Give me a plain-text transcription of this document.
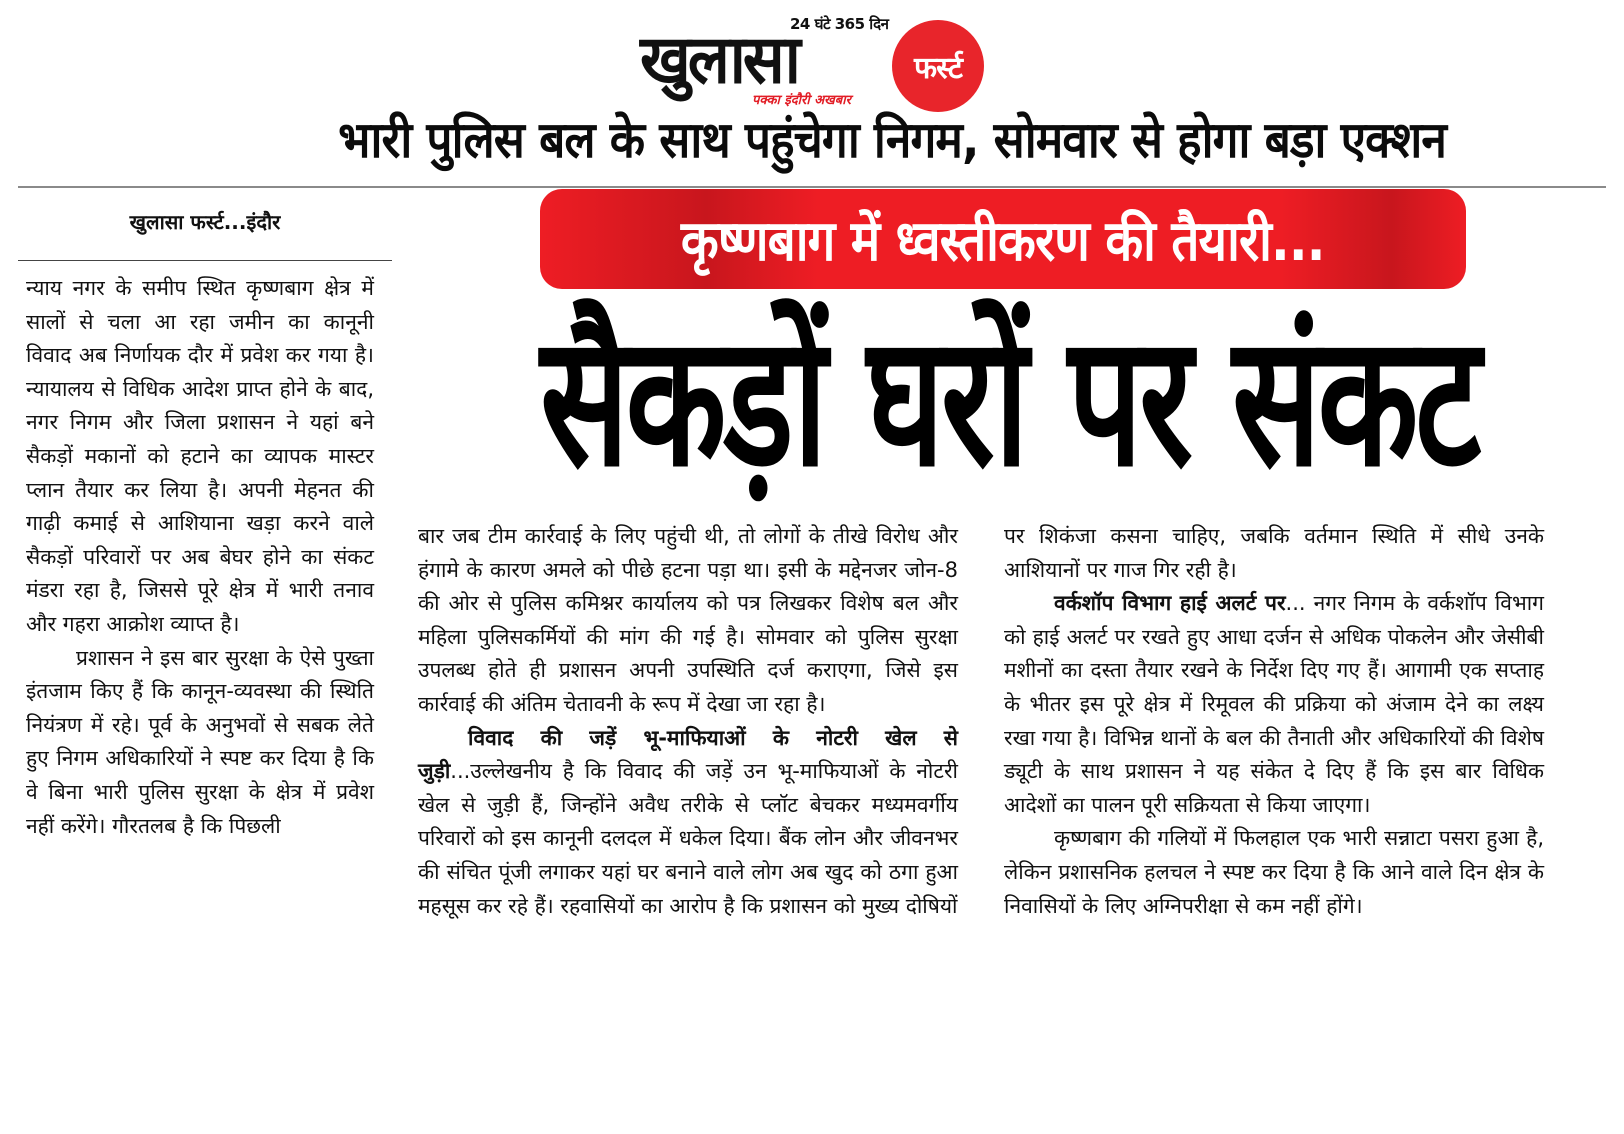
24 घंटे 365 दिन
खुलासा	फर्स्ट
पक्का इंदौरी अखबार
भारी पुलिस बल के साथ पहुंचेगा निगम, सोमवार से होगा बड़ा एक्शन
खुलासा फर्स्ट...इंदौर	कृष्णबाग में ध्वस्तीकरण की तैयारी...
सैकड़ों घरों पर संकट

न्याय नगर के समीप स्थित कृष्णबाग क्षेत्र में सालों से चला आ रहा जमीन का कानूनी विवाद अब निर्णायक दौर में प्रवेश कर गया है। न्यायालय से विधिक आदेश प्राप्त होने के बाद, नगर निगम और जिला प्रशासन ने यहां बने सैकड़ों मकानों को हटाने का व्यापक मास्टर प्लान तैयार कर लिया है। अपनी मेहनत की गाढ़ी कमाई से आशियाना खड़ा करने वाले सैकड़ों परिवारों पर अब बेघर होने का संकट मंडरा रहा है, जिससे पूरे क्षेत्र में भारी तनाव और गहरा आक्रोश व्याप्त है।

प्रशासन ने इस बार सुरक्षा के ऐसे पुख्ता इंतजाम किए हैं कि कानून-व्यवस्था की स्थिति नियंत्रण में रहे। पूर्व के अनुभवों से सबक लेते हुए निगम अधिकारियों ने स्पष्ट कर दिया है कि वे बिना भारी पुलिस सुरक्षा के क्षेत्र में प्रवेश नहीं करेंगे। गौरतलब है कि पिछली

बार जब टीम कार्रवाई के लिए पहुंची थी, तो लोगों के तीखे विरोध और हंगामे के कारण अमले को पीछे हटना पड़ा था। इसी के मद्देनजर जोन-8 की ओर से पुलिस कमिश्नर कार्यालय को पत्र लिखकर विशेष बल और महिला पुलिसकर्मियों की मांग की गई है। सोमवार को पुलिस सुरक्षा उपलब्ध होते ही प्रशासन अपनी उपस्थिति दर्ज कराएगा, जिसे इस कार्रवाई की अंतिम चेतावनी के रूप में देखा जा रहा है।

विवाद की जड़ें भू-माफियाओं के नोटरी खेल से जुड़ी...उल्लेखनीय है कि विवाद की जड़ें उन भू-माफियाओं के नोटरी खेल से जुड़ी हैं, जिन्होंने अवैध तरीके से प्लॉट बेचकर मध्यमवर्गीय परिवारों को इस कानूनी दलदल में धकेल दिया। बैंक लोन और जीवनभर की संचित पूंजी लगाकर यहां घर बनाने वाले लोग अब खुद को ठगा हुआ महसूस कर रहे हैं। रहवासियों का आरोप है कि प्रशासन को मुख्य दोषियों

पर शिकंजा कसना चाहिए, जबकि वर्तमान स्थिति में सीधे उनके आशियानों पर गाज गिर रही है।

वर्कशॉप विभाग हाई अलर्ट पर... नगर निगम के वर्कशॉप विभाग को हाई अलर्ट पर रखते हुए आधा दर्जन से अधिक पोकलेन और जेसीबी मशीनों का दस्ता तैयार रखने के निर्देश दिए गए हैं। आगामी एक सप्ताह के भीतर इस पूरे क्षेत्र में रिमूवल की प्रक्रिया को अंजाम देने का लक्ष्य रखा गया है। विभिन्न थानों के बल की तैनाती और अधिकारियों की विशेष ड्यूटी के साथ प्रशासन ने यह संकेत दे दिए हैं कि इस बार विधिक आदेशों का पालन पूरी सक्रियता से किया जाएगा।

कृष्णबाग की गलियों में फिलहाल एक भारी सन्नाटा पसरा हुआ है, लेकिन प्रशासनिक हलचल ने स्पष्ट कर दिया है कि आने वाले दिन क्षेत्र के निवासियों के लिए अग्निपरीक्षा से कम नहीं होंगे।
